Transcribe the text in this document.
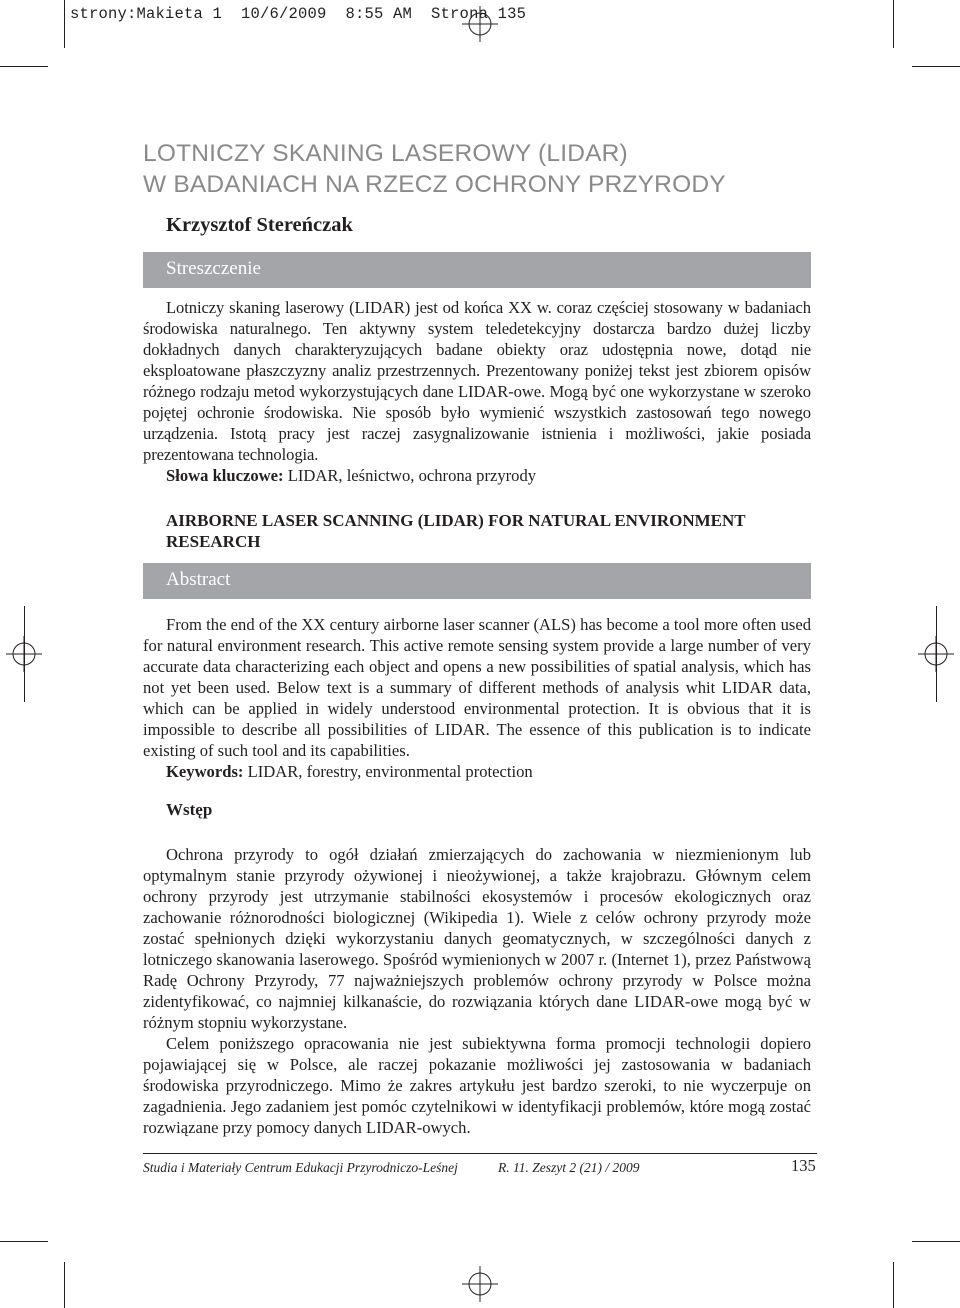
strony:Makieta 1  10/6/2009  8:55 AM  Strona 135
LOTNICZY SKANING LASEROWY (LIDAR)
W BADANIACH NA RZECZ OCHRONY PRZYRODY
Krzysztof Stereńczak
Streszczenie

Lotniczy skaning laserowy (LIDAR) jest od końca XX w. coraz częściej stosowany w badaniach środowiska naturalnego. Ten aktywny system teledetekcyjny dostarcza bardzo dużej liczby dokładnych danych charakteryzujących badane obiekty oraz udostępnia nowe, dotąd nie eksploatowane płaszczyzny analiz przestrzennych. Prezentowany poniżej tekst jest zbiorem opisów różnego rodzaju metod wykorzystujących dane LIDAR-owe. Mogą być one wykorzystane w szeroko pojętej ochronie środowiska. Nie sposób było wymienić wszystkich zastosowań tego nowego urządzenia. Istotą pracy jest raczej zasygnalizowanie istnienia i możliwości, jakie posiada prezentowana technologia.

Słowa kluczowe: LIDAR, leśnictwo, ochrona przyrody

AIRBORNE LASER SCANNING (LIDAR) FOR NATURAL ENVIRONMENT
RESEARCH
Abstract

From the end of the XX century airborne laser scanner (ALS) has become a tool more often used for natural environment research. This active remote sensing system provide a large number of very accurate data characterizing each object and opens a new possibilities of spatial analysis, which has not yet been used. Below text is a summary of different methods of analysis whit LIDAR data, which can be applied in widely understood environmental protection. It is obvious that it is impossible to describe all possibilities of LIDAR. The essence of this publication is to indicate existing of such tool and its capabilities.

Keywords: LIDAR, forestry, environmental protection

Wstęp

Ochrona przyrody to ogół działań zmierzających do zachowania w niezmienionym lub optymalnym stanie przyrody ożywionej i nieożywionej, a także krajobrazu. Głównym celem ochrony przyrody jest utrzymanie stabilności ekosystemów i procesów ekologicznych oraz zachowanie różnorodności biologicznej (Wikipedia 1). Wiele z celów ochrony przyrody może zostać spełnionych dzięki wykorzystaniu danych geomatycznych, w szczególności danych z lotniczego skanowania laserowego. Spośród wymienionych w 2007 r. (Internet 1), przez Państwową Radę Ochrony Przyrody, 77 najważniejszych problemów ochrony przyrody w Polsce można zidentyfikować, co najmniej kilkanaście, do rozwiązania których dane LIDAR-owe mogą być w różnym stopniu wykorzystane.

Celem poniższego opracowania nie jest subiektywna forma promocji technologii dopiero pojawiającej się w Polsce, ale raczej pokazanie możliwości jej zastosowania w badaniach środowiska przyrodniczego. Mimo że zakres artykułu jest bardzo szeroki, to nie wyczerpuje on zagadnienia. Jego zadaniem jest pomóc czytelnikowi w identyfikacji problemów, które mogą zostać rozwiązane przy pomocy danych LIDAR-owych.

Studia i Materiały Centrum Edukacji Przyrodniczo-Leśnej	R. 11. Zeszyt 2 (21) / 2009	135
